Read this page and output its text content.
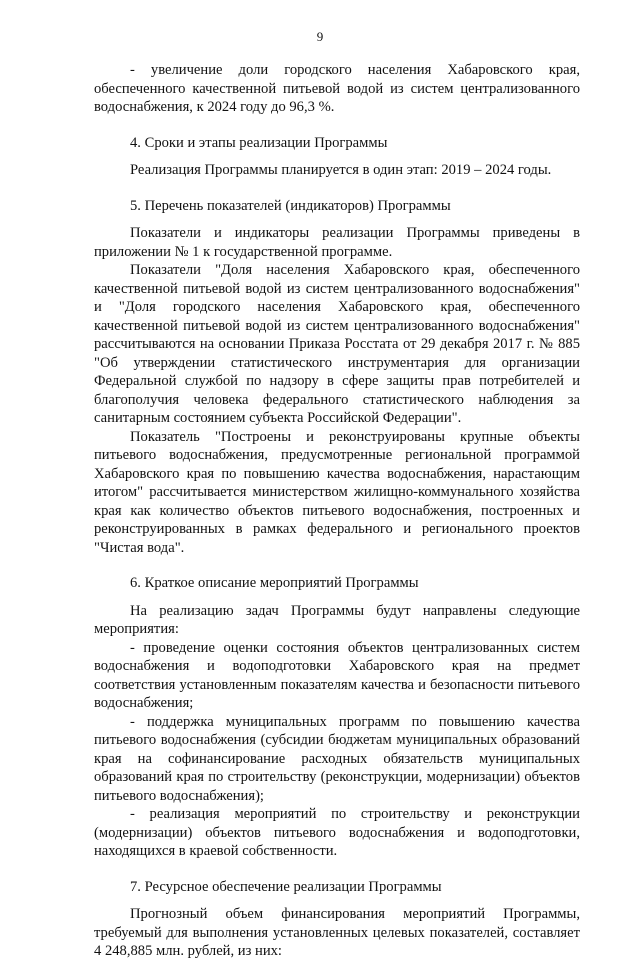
9

- увеличение доли городского населения Хабаровского края, обеспеченного качественной питьевой водой из систем централизованного водоснабжения, к 2024 году до 96,3 %.

4. Сроки и этапы реализации Программы

Реализация Программы планируется в один этап: 2019 – 2024 годы.

5. Перечень показателей (индикаторов) Программы

Показатели и индикаторы реализации Программы приведены в приложении № 1 к государственной программе.

Показатели "Доля населения Хабаровского края, обеспеченного качественной питьевой водой из систем централизованного водоснабжения" и "Доля городского населения Хабаровского края, обеспеченного качественной питьевой водой из систем централизованного водоснабжения" рассчитываются на основании Приказа Росстата от 29 декабря 2017 г. № 885 "Об утверждении статистического инструментария для организации Федеральной службой по надзору в сфере защиты прав потребителей и благополучия человека федерального статистического наблюдения за санитарным состоянием субъекта Российской Федерации".

Показатель "Построены и реконструированы крупные объекты питьевого водоснабжения, предусмотренные региональной программой Хабаровского края по повышению качества водоснабжения, нарастающим итогом" рассчитывается министерством жилищно-коммунального хозяйства края как количество объектов питьевого водоснабжения, построенных и реконструированных в рамках федерального и регионального проектов "Чистая вода".

6. Краткое описание мероприятий Программы

На реализацию задач Программы будут направлены следующие мероприятия:

- проведение оценки состояния объектов централизованных систем водоснабжения и водоподготовки Хабаровского края на предмет соответствия установленным показателям качества и безопасности питьевого водоснабжения;

- поддержка муниципальных программ по повышению качества питьевого водоснабжения (субсидии бюджетам муниципальных образований края на софинансирование расходных обязательств муниципальных образований края по строительству (реконструкции, модернизации) объектов питьевого водоснабжения);

- реализация мероприятий по строительству и реконструкции (модернизации) объектов питьевого водоснабжения и водоподготовки, находящихся в краевой собственности.

7. Ресурсное обеспечение реализации Программы

Прогнозный объем финансирования мероприятий Программы, требуемый для выполнения установленных целевых показателей, составляет 4 248,885 млн. рублей, из них:
